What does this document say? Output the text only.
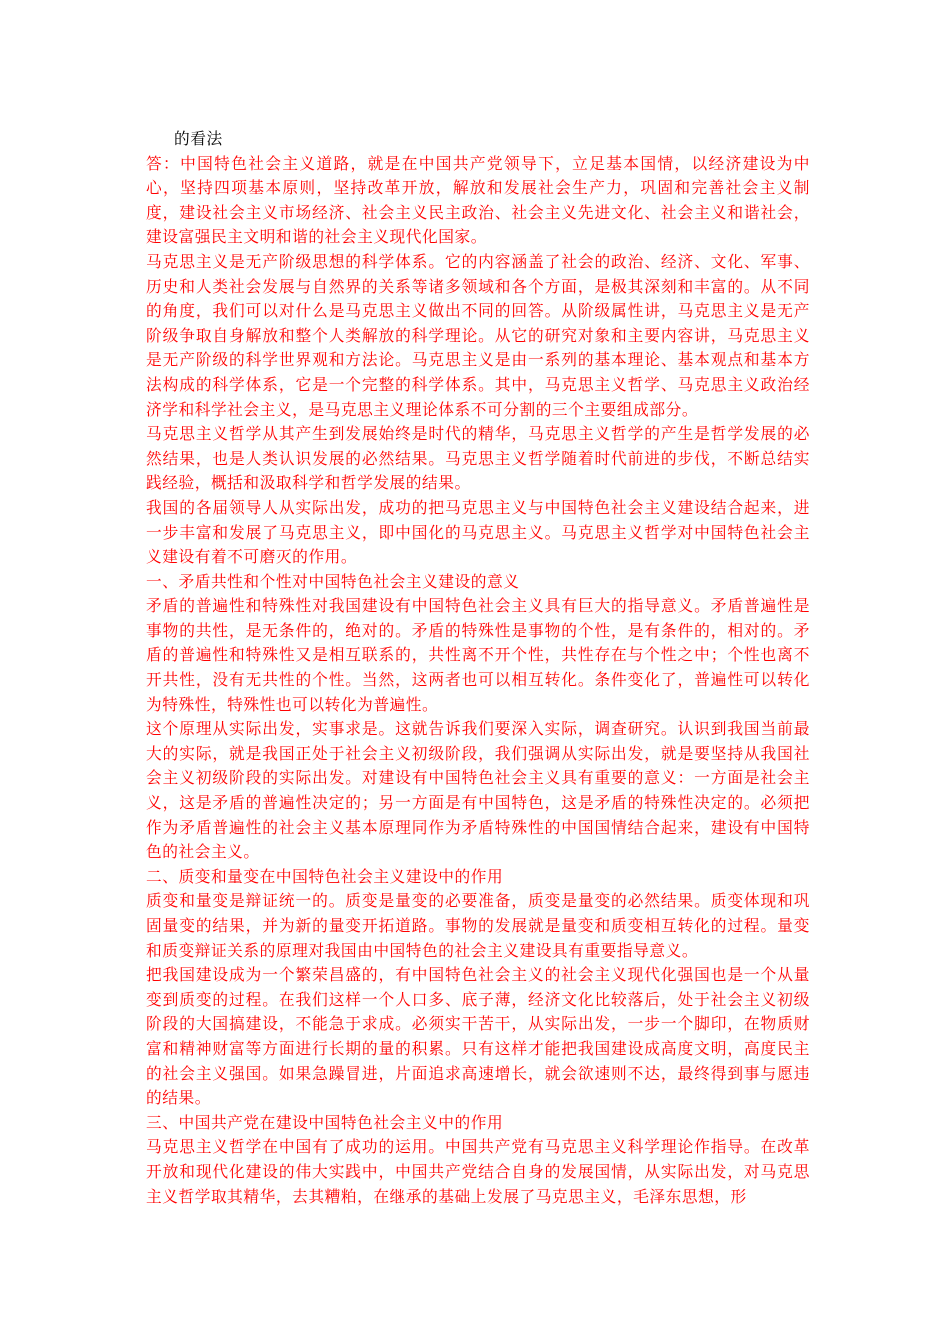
的看法

答：中国特色社会主义道路，就是在中国共产党领导下，立足基本国情，以经济建设为中心，坚持四项基本原则，坚持改革开放，解放和发展社会生产力，巩固和完善社会主义制度，建设社会主义市场经济、社会主义民主政治、社会主义先进文化、社会主义和谐社会，建设富强民主文明和谐的社会主义现代化国家。

马克思主义是无产阶级思想的科学体系。它的内容涵盖了社会的政治、经济、文化、军事、历史和人类社会发展与自然界的关系等诸多领域和各个方面，是极其深刻和丰富的。从不同的角度，我们可以对什么是马克思主义做出不同的回答。从阶级属性讲，马克思主义是无产阶级争取自身解放和整个人类解放的科学理论。从它的研究对象和主要内容讲，马克思主义是无产阶级的科学世界观和方法论。马克思主义是由一系列的基本理论、基本观点和基本方法构成的科学体系，它是一个完整的科学体系。其中，马克思主义哲学、马克思主义政治经济学和科学社会主义，是马克思主义理论体系不可分割的三个主要组成部分。

马克思主义哲学从其产生到发展始终是时代的精华，马克思主义哲学的产生是哲学发展的必然结果，也是人类认识发展的必然结果。马克思主义哲学随着时代前进的步伐，不断总结实践经验，概括和汲取科学和哲学发展的结果。

我国的各届领导人从实际出发，成功的把马克思主义与中国特色社会主义建设结合起来，进一步丰富和发展了马克思主义，即中国化的马克思主义。马克思主义哲学对中国特色社会主义建设有着不可磨灭的作用。

一、矛盾共性和个性对中国特色社会主义建设的意义

矛盾的普遍性和特殊性对我国建设有中国特色社会主义具有巨大的指导意义。矛盾普遍性是事物的共性，是无条件的，绝对的。矛盾的特殊性是事物的个性，是有条件的，相对的。矛盾的普遍性和特殊性又是相互联系的，共性离不开个性，共性存在与个性之中；个性也离不开共性，没有无共性的个性。当然，这两者也可以相互转化。条件变化了，普遍性可以转化为特殊性，特殊性也可以转化为普遍性。

这个原理从实际出发，实事求是。这就告诉我们要深入实际，调查研究。认识到我国当前最大的实际，就是我国正处于社会主义初级阶段，我们强调从实际出发，就是要坚持从我国社会主义初级阶段的实际出发。对建设有中国特色社会主义具有重要的意义：一方面是社会主义，这是矛盾的普遍性决定的；另一方面是有中国特色，这是矛盾的特殊性决定的。必须把作为矛盾普遍性的社会主义基本原理同作为矛盾特殊性的中国国情结合起来，建设有中国特色的社会主义。

二、质变和量变在中国特色社会主义建设中的作用

质变和量变是辩证统一的。质变是量变的必要准备，质变是量变的必然结果。质变体现和巩固量变的结果，并为新的量变开拓道路。事物的发展就是量变和质变相互转化的过程。量变和质变辩证关系的原理对我国由中国特色的社会主义建设具有重要指导意义。

把我国建设成为一个繁荣昌盛的，有中国特色社会主义的社会主义现代化强国也是一个从量变到质变的过程。在我们这样一个人口多、底子薄，经济文化比较落后，处于社会主义初级阶段的大国搞建设，不能急于求成。必须实干苦干，从实际出发，一步一个脚印，在物质财富和精神财富等方面进行长期的量的积累。只有这样才能把我国建设成高度文明，高度民主的社会主义强国。如果急躁冒进，片面追求高速增长，就会欲速则不达，最终得到事与愿违的结果。

三、中国共产党在建设中国特色社会主义中的作用

马克思主义哲学在中国有了成功的运用。中国共产党有马克思主义科学理论作指导。在改革开放和现代化建设的伟大实践中，中国共产党结合自身的发展国情，从实际出发，对马克思主义哲学取其精华，去其糟粕，在继承的基础上发展了马克思主义，毛泽东思想，形
